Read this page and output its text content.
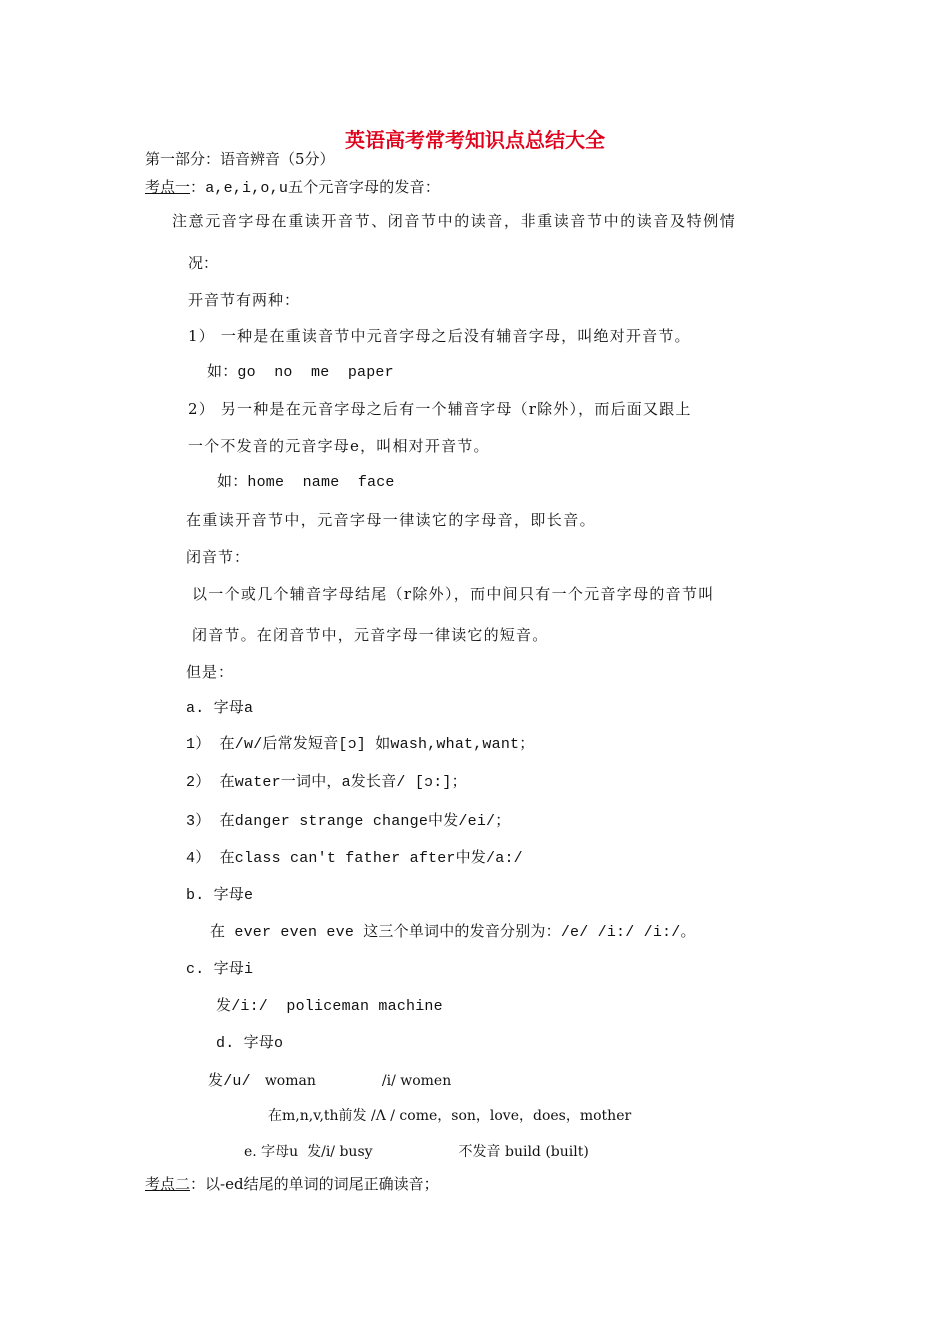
英语高考常考知识点总结大全
第一部分：语音辨音（5分）
考点一：a,e,i,o,u五个元音字母的发音：
注意元音字母在重读开音节、闭音节中的读音，非重读音节中的读音及特例情
况：
开音节有两种：
1） 一种是在重读音节中元音字母之后没有辅音字母，叫绝对开音节。
如：go  no  me  paper
2） 另一种是在元音字母之后有一个辅音字母（r除外），而后面又跟上
一个不发音的元音字母e，叫相对开音节。
如：home  name  face
在重读开音节中，元音字母一律读它的字母音，即长音。
闭音节：
以一个或几个辅音字母结尾（r除外），而中间只有一个元音字母的音节叫
闭音节。在闭音节中，元音字母一律读它的短音。
但是：
a. 字母a
1） 在/w/后常发短音[ɔ] 如wash,what,want；
2） 在water一词中，a发长音/ [ɔ:]；
3） 在danger strange change中发/ei/；
4） 在class can't father after中发/a:/
b. 字母e
在 ever even eve 这三个单词中的发音分别为：/e/ /i:/ /i:/。
c. 字母i
发/i:/  policeman machine
d. 字母o
发/u/ woman	/i/ women
在m,n,v,th前发 /Λ / come，son，love，does，mother
e. 字母u  发/i/ busy	不发音 build (built)
考点二：以-ed结尾的单词的词尾正确读音；
